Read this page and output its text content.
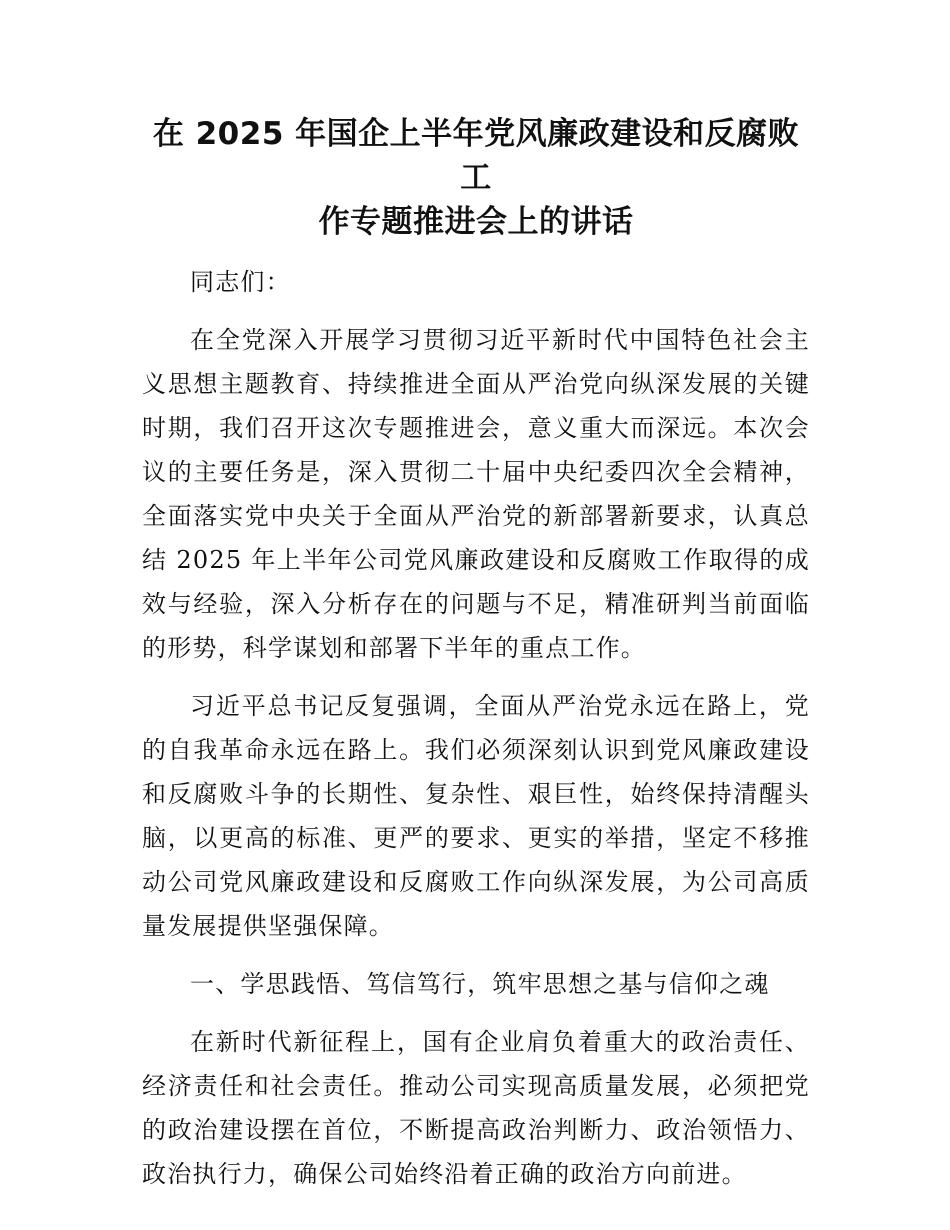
在 2025 年国企上半年党风廉政建设和反腐败工
作专题推进会上的讲话

同志们：

在全党深入开展学习贯彻习近平新时代中国特色社会主义思想主题教育、持续推进全面从严治党向纵深发展的关键时期，我们召开这次专题推进会，意义重大而深远。本次会议的主要任务是，深入贯彻二十届中央纪委四次全会精神，全面落实党中央关于全面从严治党的新部署新要求，认真总结 2025 年上半年公司党风廉政建设和反腐败工作取得的成效与经验，深入分析存在的问题与不足，精准研判当前面临的形势，科学谋划和部署下半年的重点工作。

习近平总书记反复强调，全面从严治党永远在路上，党的自我革命永远在路上。我们必须深刻认识到党风廉政建设和反腐败斗争的长期性、复杂性、艰巨性，始终保持清醒头脑，以更高的标准、更严的要求、更实的举措，坚定不移推动公司党风廉政建设和反腐败工作向纵深发展，为公司高质量发展提供坚强保障。

一、学思践悟、笃信笃行，筑牢思想之基与信仰之魂

在新时代新征程上，国有企业肩负着重大的政治责任、经济责任和社会责任。推动公司实现高质量发展，必须把党的政治建设摆在首位，不断提高政治判断力、政治领悟力、政治执行力，确保公司始终沿着正确的政治方向前进。
